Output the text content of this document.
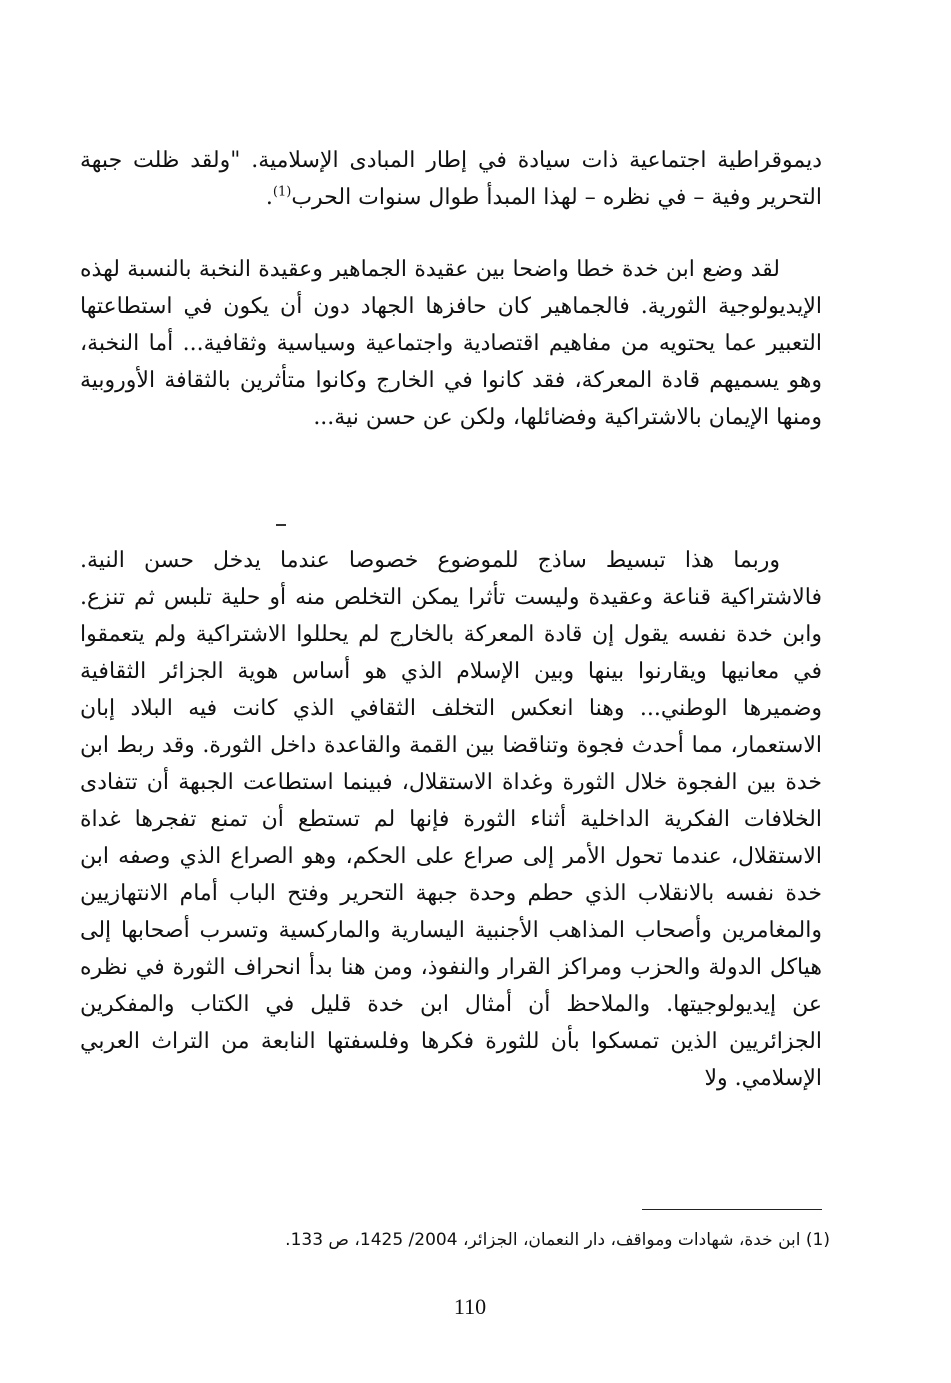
ديموقراطية اجتماعية ذات سيادة في إطار المبادى الإسلامية. "ولقد ظلت جبهة التحرير وفية – في نظره – لهذا المبدأ طوال سنوات الحرب$^{(1)}$.

لقد وضع ابن خدة خطا واضحا بين عقيدة الجماهير وعقيدة النخبة بالنسبة لهذه الإيديولوجية الثورية. فالجماهير كان حافزها الجهاد دون أن يكون في استطاعتها التعبير عما يحتويه من مفاهيم اقتصادية واجتماعية وسياسية وثقافية... أما النخبة، وهو يسميهم قادة المعركة، فقد كانوا في الخارج وكانوا متأثرين بالثقافة الأوروبية ومنها الإيمان بالاشتراكية وفضائلها، ولكن عن حسن نية...

وربما هذا تبسيط ساذج للموضوع خصوصا عندما يدخل حسن النية. فالاشتراكية قناعة وعقيدة وليست تأثرا يمكن التخلص منه أو حلية تلبس ثم تنزع. وابن خدة نفسه يقول إن قادة المعركة بالخارج لم يحللوا الاشتراكية ولم يتعمقوا في معانيها ويقارنوا بينها وبين الإسلام الذي هو أساس هوية الجزائر الثقافية وضميرها الوطني... وهنا انعكس التخلف الثقافي الذي كانت فيه البلاد إبان الاستعمار، مما أحدث فجوة وتناقضا بين القمة والقاعدة داخل الثورة. وقد ربط ابن خدة بين الفجوة خلال الثورة وغداة الاستقلال، فبينما استطاعت الجبهة أن تتفادى الخلافات الفكرية الداخلية أثناء الثورة فإنها لم تستطع أن تمنع تفجرها غداة الاستقلال، عندما تحول الأمر إلى صراع على الحكم، وهو الصراع الذي وصفه ابن خدة نفسه بالانقلاب الذي حطم وحدة جبهة التحرير وفتح الباب أمام الانتهازيين والمغامرين وأصحاب المذاهب الأجنبية اليسارية والماركسية وتسرب أصحابها إلى هياكل الدولة والحزب ومراكز القرار والنفوذ، ومن هنا بدأ انحراف الثورة في نظره عن إيديولوجيتها. والملاحظ أن أمثال ابن خدة قليل في الكتاب والمفكرين الجزائريين الذين تمسكوا بأن للثورة فكرها وفلسفتها النابعة من التراث العربي الإسلامي. ولا

(1) ابن خدة، شهادات ومواقف، دار النعمان، الجزائر، 2004/ 1425، ص 133.
110
